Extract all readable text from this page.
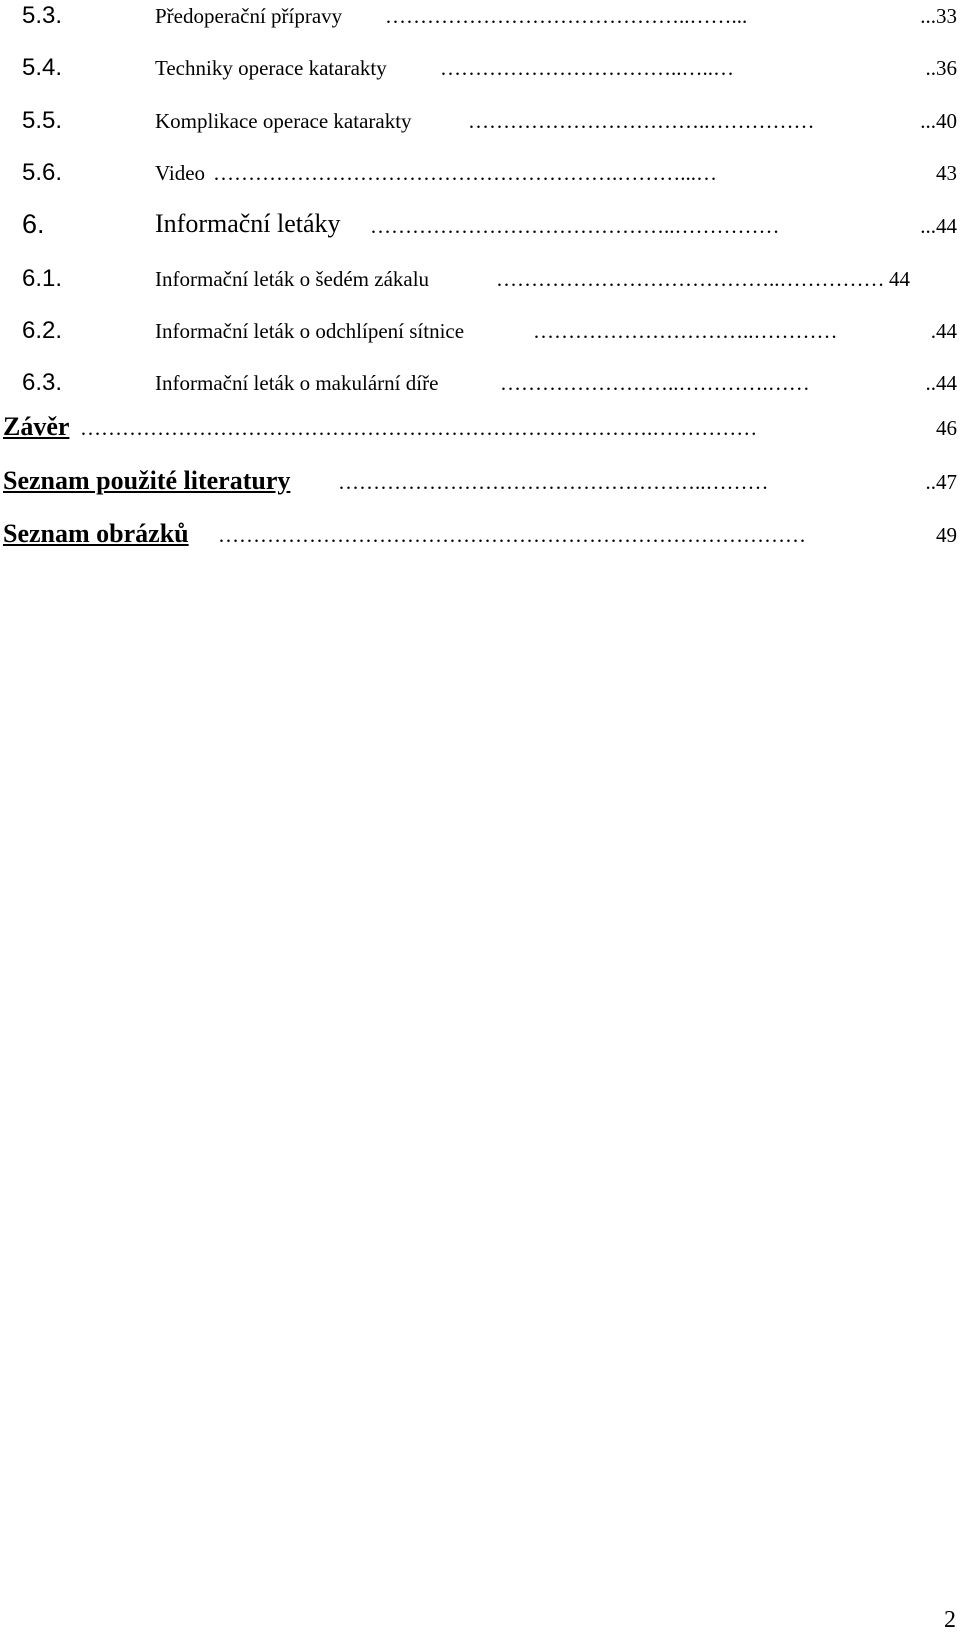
5.3.	Předoperační přípravy ……………………………………..……...	...33
5.4.	Techniky operace katarakty	……………………………..…..…	..36
5.5.	Komplikace operace katarakty	……………………………..……………	...40
5.6.	Video ………………………………………………….………...…	43
6.	Informační letáky ……………………………………..……………	...44
6.1.	Informační leták o šedém zákalu	…………………………………..…………… 44
6.2.	Informační leták o odchlípení sítnice	…………………………..…………	.44
6.3.	Informační leták o makulární díře	……………………..………….……	..44
Závěr ……………………………………………………………………….……………	46
Seznam použité literatury ……………………………………………..………	..47
Seznam obrázků …………………………………………………………………………	49
2
